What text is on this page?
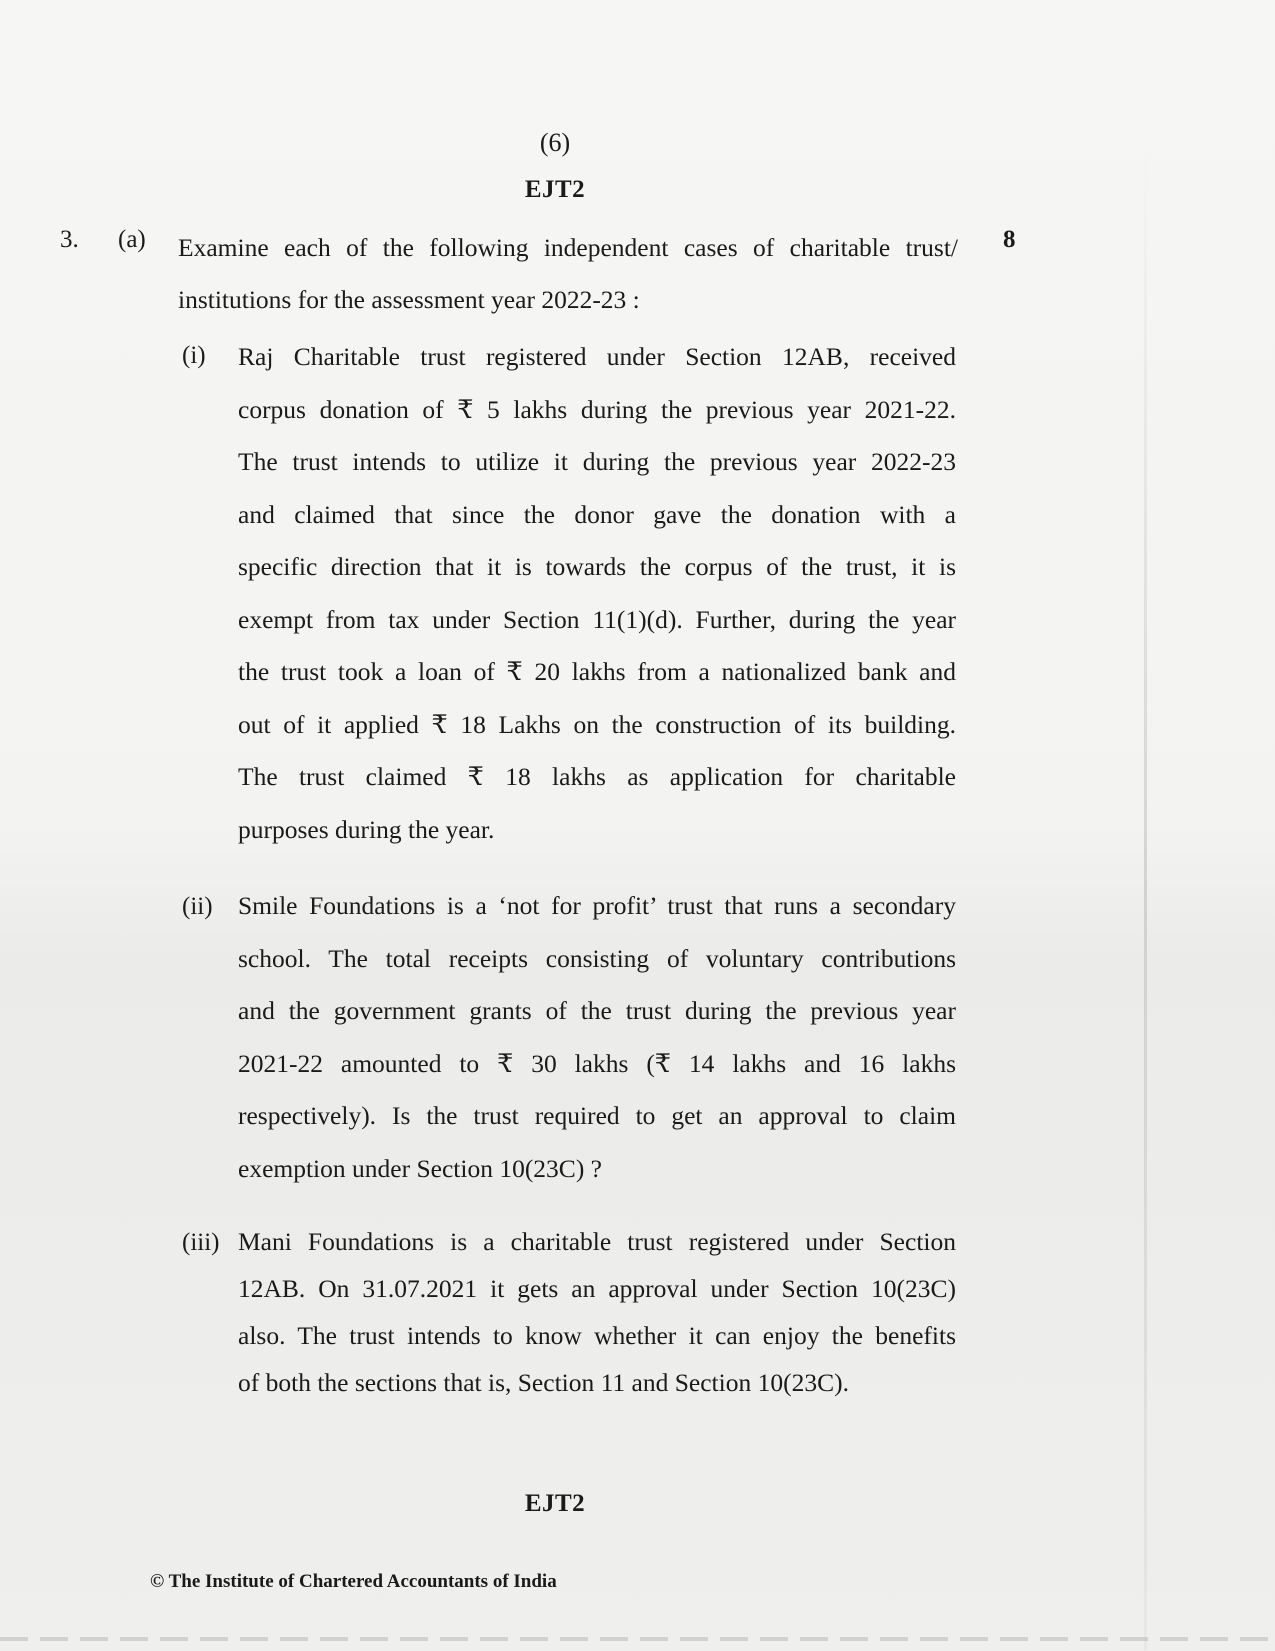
(6)
EJT2
3. (a)	8
Examine each of the following independent cases of charitable trust/
institutions for the assessment year 2022-23 :
(i) Raj Charitable trust registered under Section 12AB, received
corpus donation of ₹ 5 lakhs during the previous year 2021-22.
The trust intends to utilize it during the previous year 2022-23
and claimed that since the donor gave the donation with a
specific direction that it is towards the corpus of the trust, it is
exempt from tax under Section 11(1)(d). Further, during the year
the trust took a loan of ₹ 20 lakhs from a nationalized bank and
out of it applied ₹ 18 Lakhs on the construction of its building.
The trust claimed ₹ 18 lakhs as application for charitable
purposes during the year.
(ii) Smile Foundations is a ‘not for profit’ trust that runs a secondary
school. The total receipts consisting of voluntary contributions
and the government grants of the trust during the previous year
2021-22 amounted to ₹ 30 lakhs (₹ 14 lakhs and 16 lakhs
respectively). Is the trust required to get an approval to claim
exemption under Section 10(23C) ?
(iii) Mani Foundations is a charitable trust registered under Section
12AB. On 31.07.2021 it gets an approval under Section 10(23C)
also. The trust intends to know whether it can enjoy the benefits
of both the sections that is, Section 11 and Section 10(23C).
EJT2
© The Institute of Chartered Accountants of India
